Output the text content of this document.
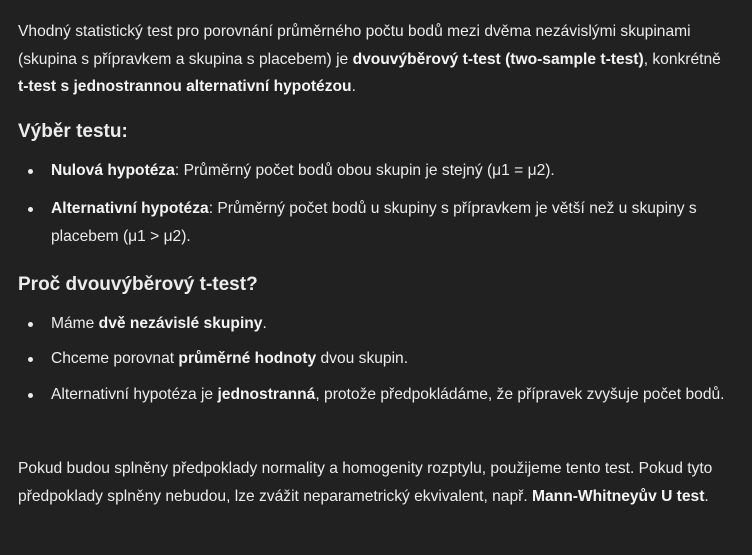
Vhodný statistický test pro porovnání průměrného počtu bodů mezi dvěma nezávislými skupinami (skupina s přípravkem a skupina s placebem) je dvouvýběrový t-test (two-sample t-test), konkrétně t-test s jednostrannou alternativní hypotézou.

Výběr testu:
Nulová hypotéza: Průměrný počet bodů obou skupin je stejný (μ1 = μ2).
Alternativní hypotéza: Průměrný počet bodů u skupiny s přípravkem je větší než u skupiny s placebem (μ1 > μ2).
Proč dvouvýběrový t-test?
Máme dvě nezávislé skupiny.
Chceme porovnat průměrné hodnoty dvou skupin.
Alternativní hypotéza je jednostranná, protože předpokládáme, že přípravek zvyšuje počet bodů.

Pokud budou splněny předpoklady normality a homogenity rozptylu, použijeme tento test. Pokud tyto předpoklady splněny nebudou, lze zvážit neparametrický ekvivalent, např. Mann-Whitneyův U test.
